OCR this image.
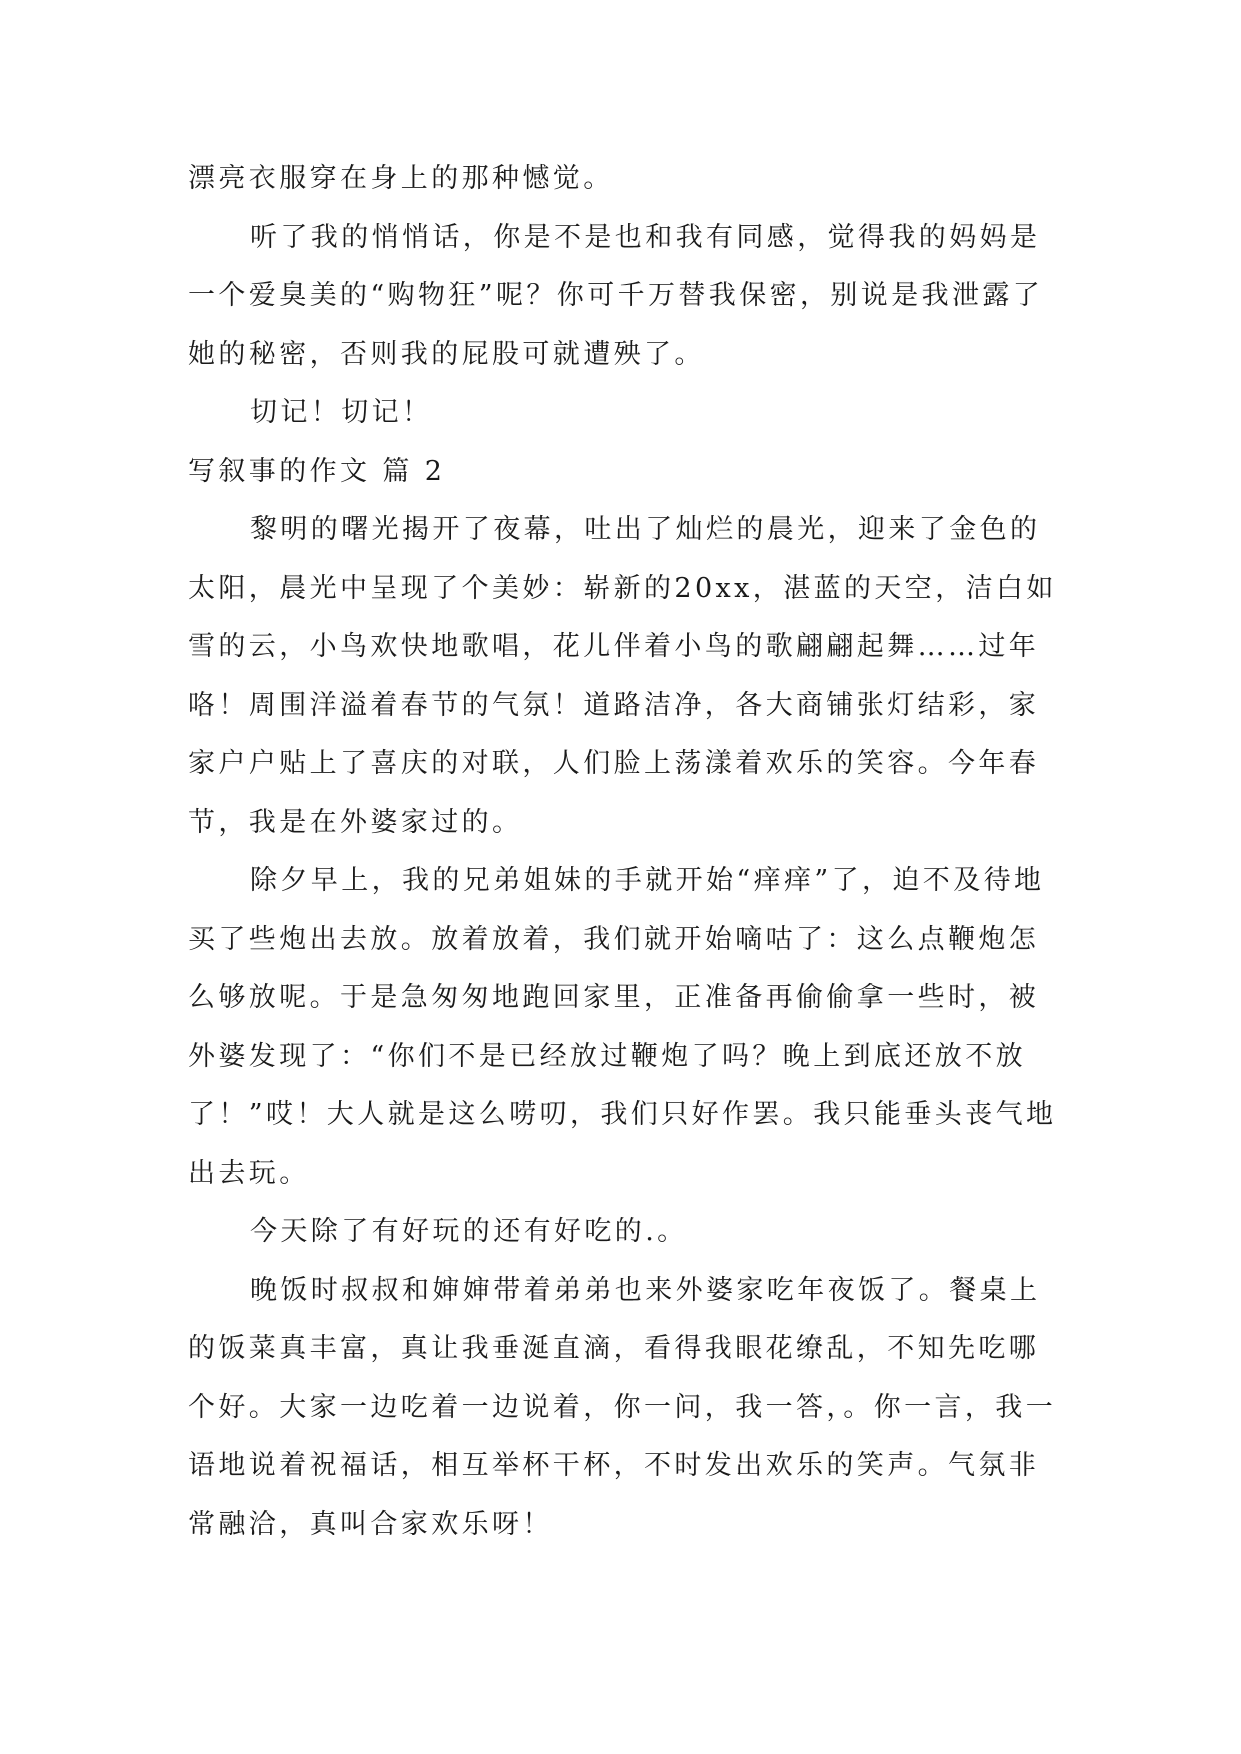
漂亮衣服穿在身上的那种憾觉。

听了我的悄悄话，你是不是也和我有同感，觉得我的妈妈是一个爱臭美的“购物狂”呢？你可千万替我保密，别说是我泄露了她的秘密，否则我的屁股可就遭殃了。

切记！切记！

写叙事的作文 篇 2

黎明的曙光揭开了夜幕，吐出了灿烂的晨光，迎来了金色的太阳，晨光中呈现了个美妙：崭新的20xx，湛蓝的天空，洁白如雪的云，小鸟欢快地歌唱，花儿伴着小鸟的歌翩翩起舞……过年咯！周围洋溢着春节的气氛！道路洁净，各大商铺张灯结彩，家家户户贴上了喜庆的对联，人们脸上荡漾着欢乐的笑容。今年春节，我是在外婆家过的。

除夕早上，我的兄弟姐妹的手就开始“痒痒”了，迫不及待地买了些炮出去放。放着放着，我们就开始嘀咕了：这么点鞭炮怎么够放呢。于是急匆匆地跑回家里，正准备再偷偷拿一些时，被外婆发现了：“你们不是已经放过鞭炮了吗？晚上到底还放不放了！”哎！大人就是这么唠叨，我们只好作罢。我只能垂头丧气地出去玩。

今天除了有好玩的还有好吃的.。

晚饭时叔叔和婶婶带着弟弟也来外婆家吃年夜饭了。餐桌上的饭菜真丰富，真让我垂涎直滴，看得我眼花缭乱，不知先吃哪个好。大家一边吃着一边说着，你一问，我一答，。你一言，我一语地说着祝福话，相互举杯干杯，不时发出欢乐的笑声。气氛非常融洽，真叫合家欢乐呀！
